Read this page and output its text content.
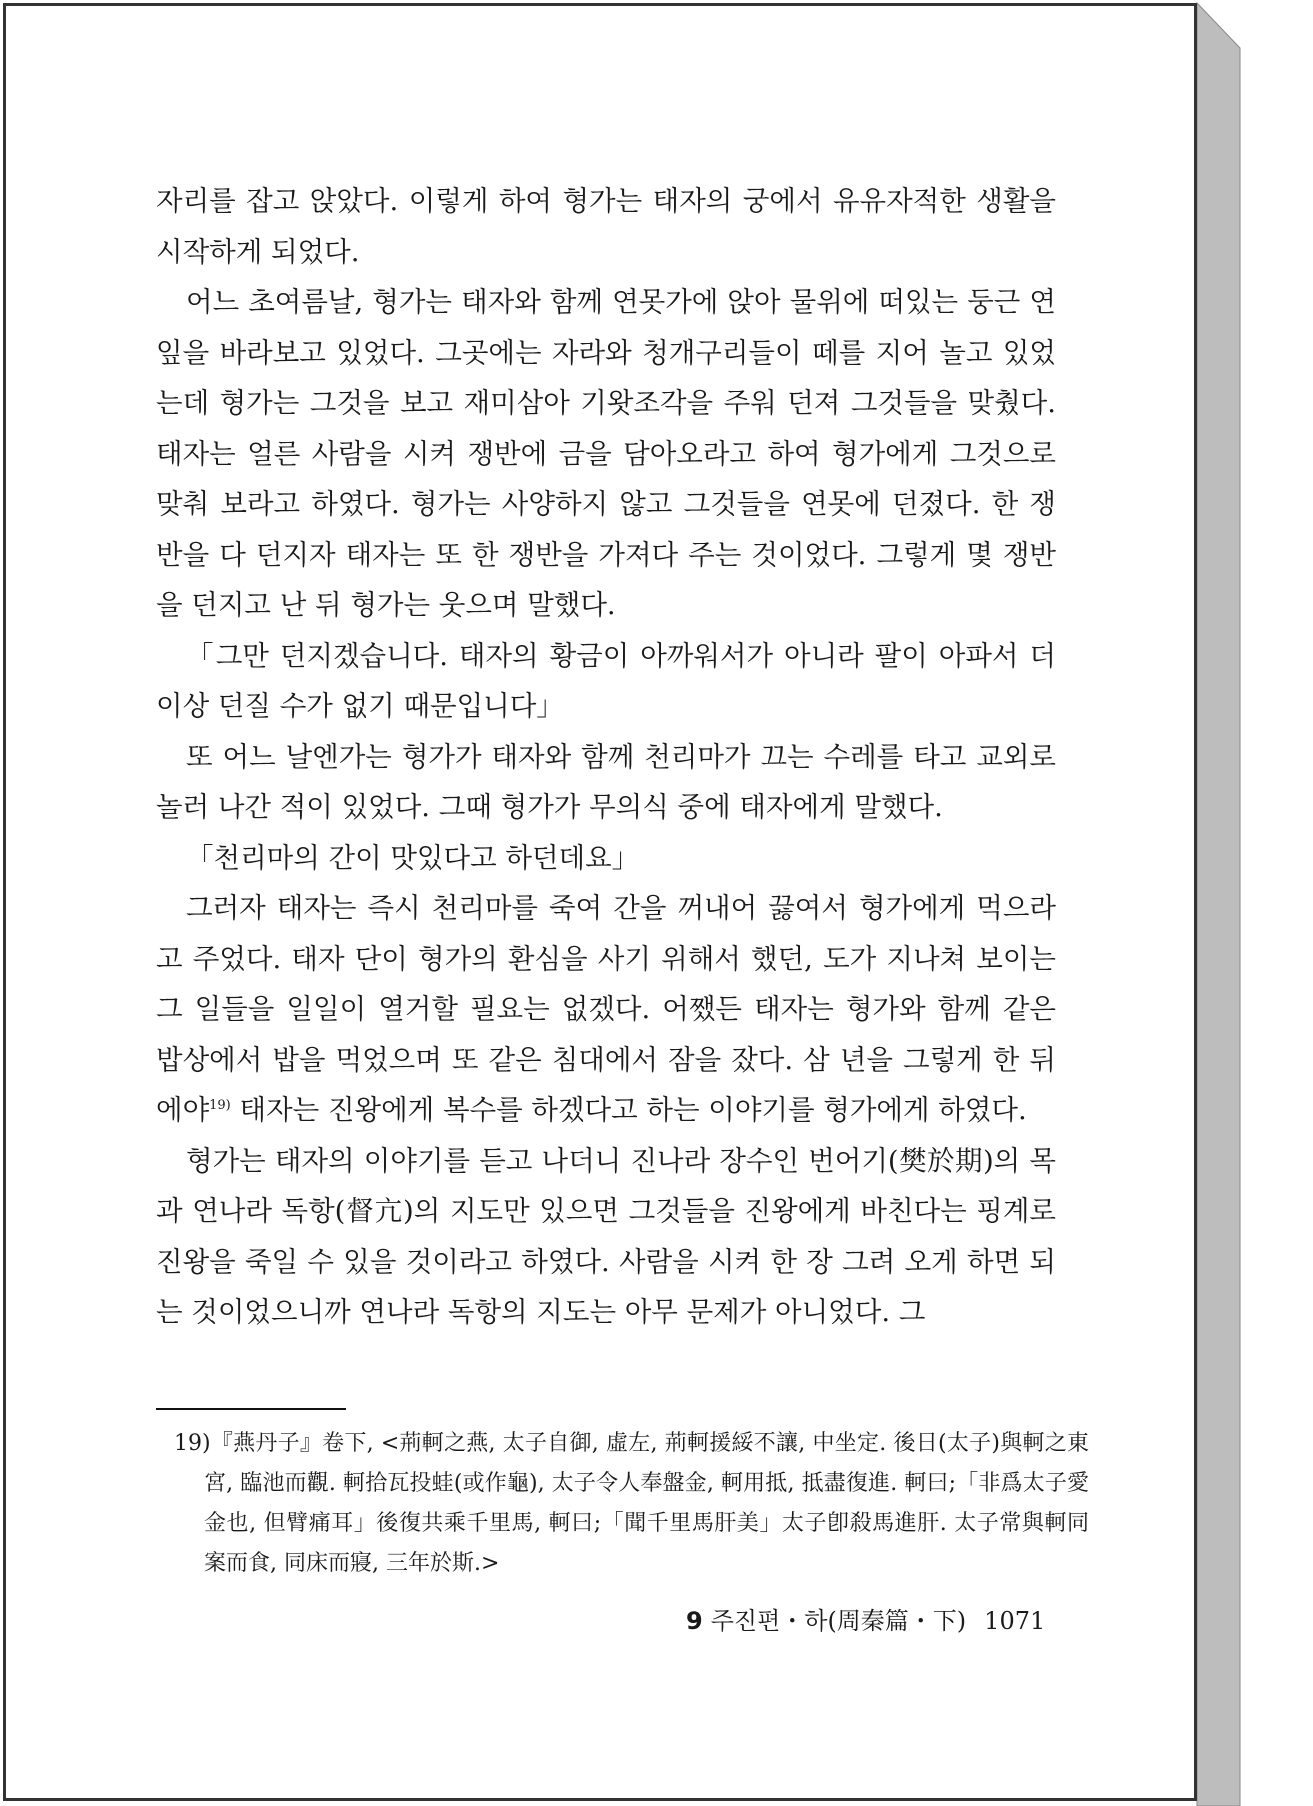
자리를 잡고 앉았다. 이렇게 하여 형가는 태자의 궁에서 유유자적한 생활을 시작하게 되었다.

어느 초여름날, 형가는 태자와 함께 연못가에 앉아 물위에 떠있는 둥근 연잎을 바라보고 있었다. 그곳에는 자라와 청개구리들이 떼를 지어 놀고 있었는데 형가는 그것을 보고 재미삼아 기왓조각을 주워 던져 그것들을 맞췄다. 태자는 얼른 사람을 시켜 쟁반에 금을 담아오라고 하여 형가에게 그것으로 맞춰 보라고 하였다. 형가는 사양하지 않고 그것들을 연못에 던졌다. 한 쟁반을 다 던지자 태자는 또 한 쟁반을 가져다 주는 것이었다. 그렇게 몇 쟁반을 던지고 난 뒤 형가는 웃으며 말했다.

「그만 던지겠습니다. 태자의 황금이 아까워서가 아니라 팔이 아파서 더 이상 던질 수가 없기 때문입니다」

또 어느 날엔가는 형가가 태자와 함께 천리마가 끄는 수레를 타고 교외로 놀러 나간 적이 있었다. 그때 형가가 무의식 중에 태자에게 말했다.

「천리마의 간이 맛있다고 하던데요」

그러자 태자는 즉시 천리마를 죽여 간을 꺼내어 끓여서 형가에게 먹으라고 주었다. 태자 단이 형가의 환심을 사기 위해서 했던, 도가 지나쳐 보이는 그 일들을 일일이 열거할 필요는 없겠다. 어쨌든 태자는 형가와 함께 같은 밥상에서 밥을 먹었으며 또 같은 침대에서 잠을 잤다. 삼 년을 그렇게 한 뒤에야$^{19)}$ 태자는 진왕에게 복수를 하겠다고 하는 이야기를 형가에게 하였다.

형가는 태자의 이야기를 듣고 나더니 진나라 장수인 번어기(樊於期)의 목과 연나라 독항(督亢)의 지도만 있으면 그것들을 진왕에게 바친다는 핑계로 진왕을 죽일 수 있을 것이라고 하였다. 사람을 시켜 한 장 그려 오게 하면 되는 것이었으니까 연나라 독항의 지도는 아무 문제가 아니었다. 그

19)『燕丹子』卷下, <荊軻之燕, 太子自御, 虛左, 荊軻援綏不讓, 中坐定. 後日(太子)與軻之東宮, 臨池而觀. 軻拾瓦投蛙(或作龜), 太子令人奉盤金, 軻用抵, 抵盡復進. 軻曰;「非爲太子愛金也, 但臂痛耳」後復共乘千里馬, 軻曰;「聞千里馬肝美」太子卽殺馬進肝. 太子常與軻同案而食, 同床而寢, 三年於斯.>
9 주진편・하(周秦篇・下) 1071
